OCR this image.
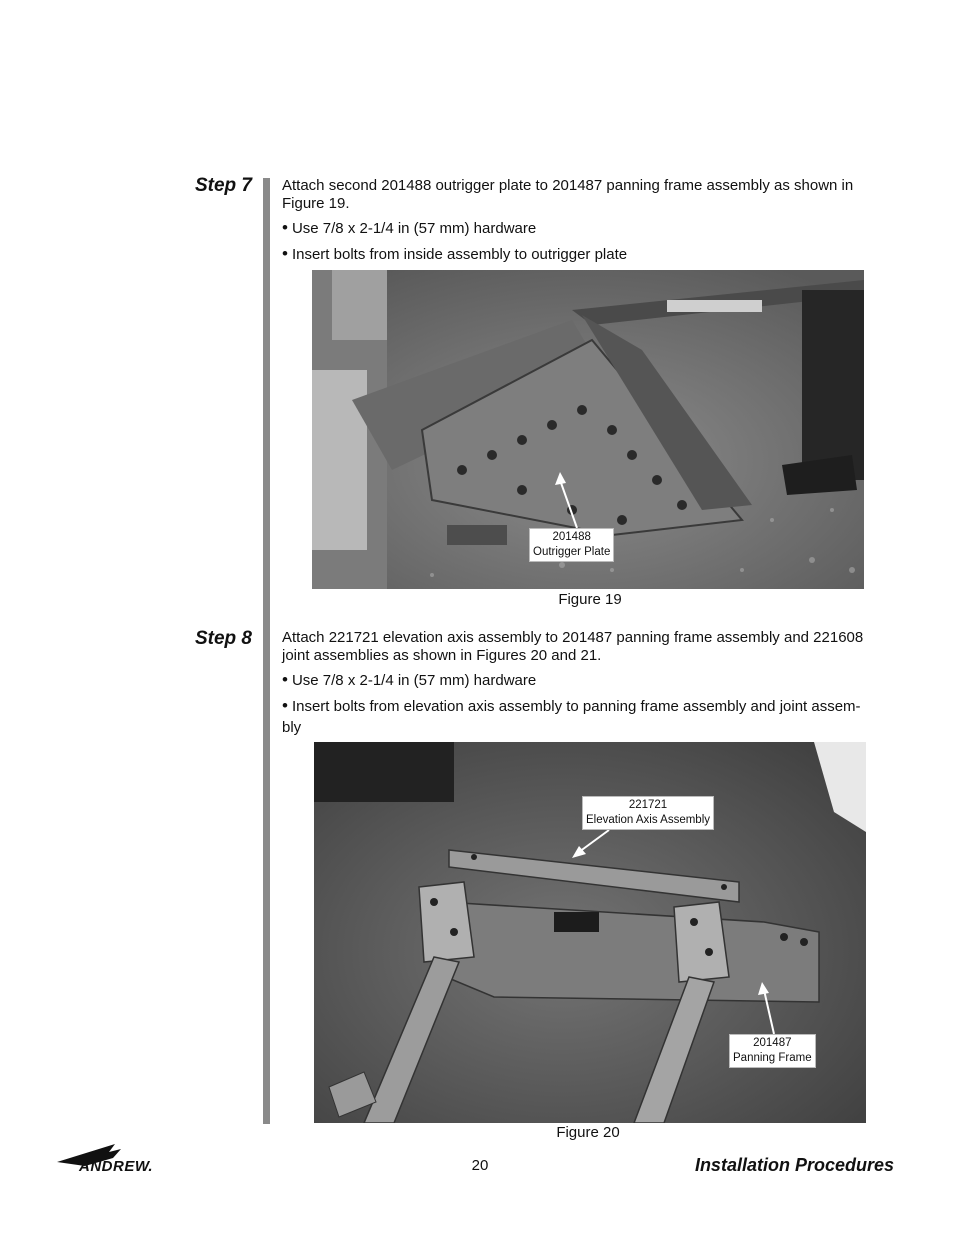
Step 7 Attach second 201488 outrigger plate to 201487 panning frame assembly as shown in
Figure 19.
• Use 7/8 x 2-1/4 in (57 mm) hardware
• Insert bolts from inside assembly to outrigger plate
201488
Outrigger Plate
Figure 19
Step 8 Attach 221721 elevation axis assembly to 201487 panning frame assembly and 221608
joint assemblies as shown in Figures 20 and 21.
• Use 7/8 x 2-1/4 in (57 mm) hardware
• Insert bolts from elevation axis assembly to panning frame assembly and joint assem-
bly
221721
Elevation Axis Assembly
201487
Panning Frame
Figure 20
ANDREW.	20	Installation Procedures
